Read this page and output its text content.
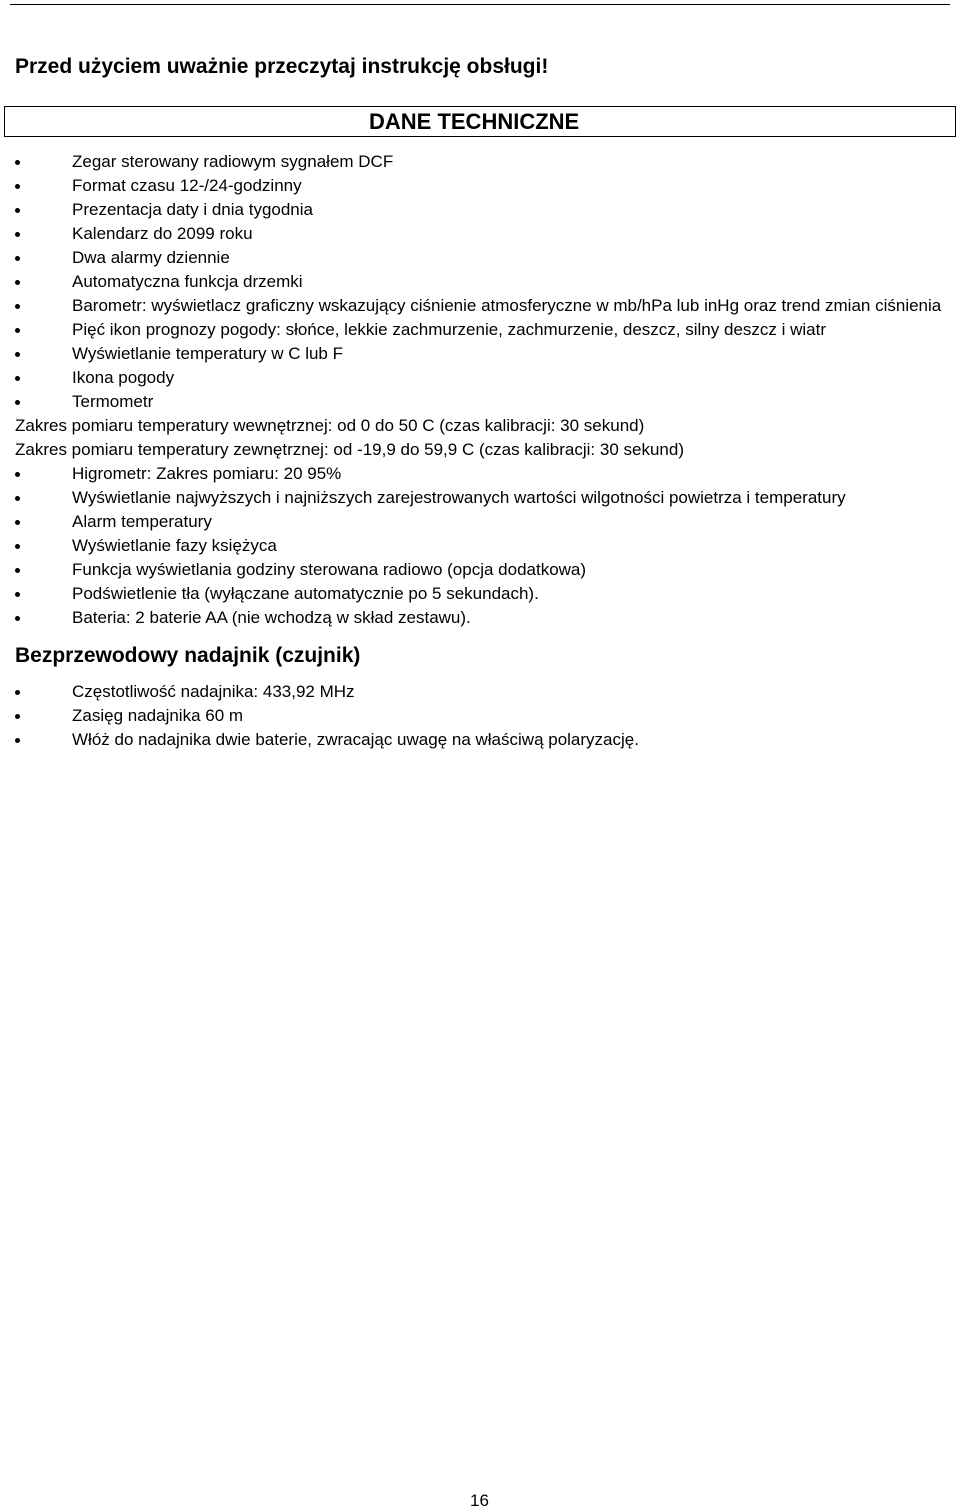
Przed użyciem uważnie przeczytaj instrukcję obsługi!
DANE TECHNICZNE
Zegar sterowany radiowym sygnałem DCF
Format czasu 12-/24-godzinny
Prezentacja daty i dnia tygodnia
Kalendarz do 2099 roku
Dwa alarmy dziennie
Automatyczna funkcja drzemki
Barometr: wyświetlacz graficzny wskazujący ciśnienie atmosferyczne w mb/hPa lub inHg oraz trend zmian ciśnienia
Pięć ikon prognozy pogody: słońce, lekkie zachmurzenie, zachmurzenie, deszcz, silny deszcz i wiatr
Wyświetlanie temperatury w C lub F
Ikona pogody
Termometr
Zakres pomiaru temperatury wewnętrznej: od 0 do 50 C (czas kalibracji: 30 sekund)
Zakres pomiaru temperatury zewnętrznej: od -19,9 do 59,9 C (czas kalibracji: 30 sekund)
Higrometr: Zakres pomiaru: 20 95%
Wyświetlanie najwyższych i najniższych zarejestrowanych wartości wilgotności powietrza i temperatury
Alarm temperatury
Wyświetlanie fazy księżyca
Funkcja wyświetlania godziny sterowana radiowo (opcja dodatkowa)
Podświetlenie tła (wyłączane automatycznie po 5 sekundach).
Bateria: 2 baterie AA (nie wchodzą w skład zestawu).
Bezprzewodowy nadajnik (czujnik)
Częstotliwość nadajnika: 433,92 MHz
Zasięg nadajnika 60 m
Włóż do nadajnika dwie baterie, zwracając uwagę na właściwą polaryzację.
16
